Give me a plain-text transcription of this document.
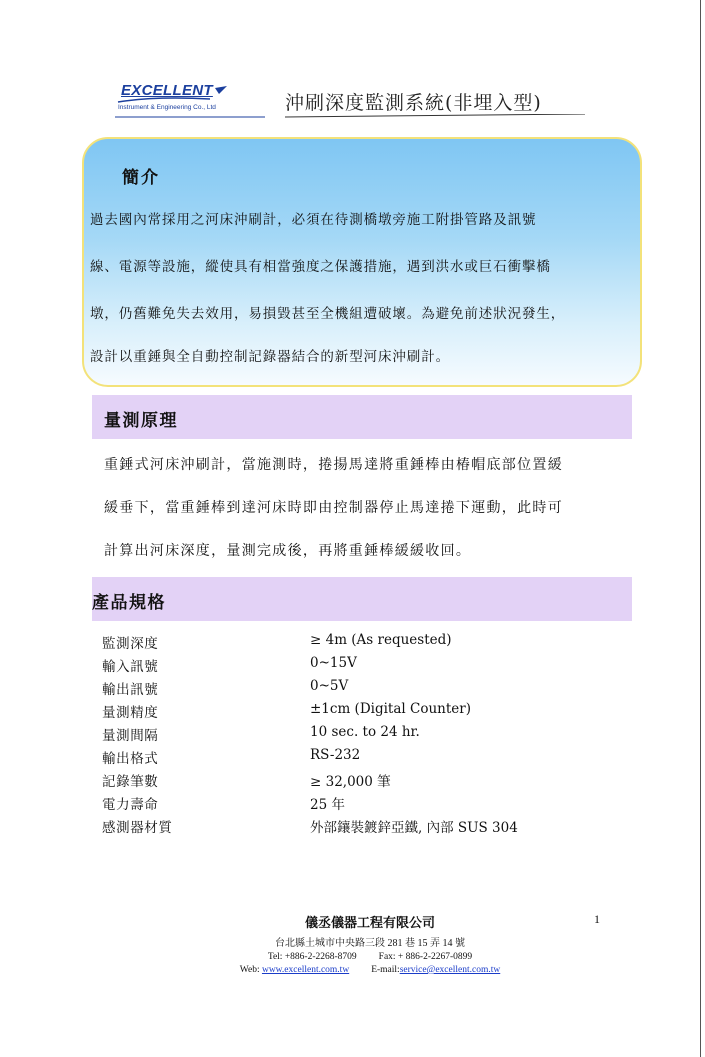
EXCELLENT
Instrument & Engineering Co., Ltd	沖刷深度監測系統(非埋入型)
簡介
過去國內常採用之河床沖刷計，必須在待測橋墩旁施工附掛管路及訊號
線、電源等設施，縱使具有相當強度之保護措施，遇到洪水或巨石衝擊橋
墩，仍舊難免失去效用，易損毀甚至全機組遭破壞。為避免前述狀況發生，
設計以重錘與全自動控制記錄器結合的新型河床沖刷計。
量測原理
重錘式河床沖刷計，當施測時，捲揚馬達將重錘棒由椿帽底部位置緩
緩垂下，當重錘棒到達河床時即由控制器停止馬達捲下運動，此時可
計算出河床深度，量測完成後，再將重錘棒緩緩收回。
產品規格
監測深度	≥ 4m (As requested)
輸入訊號	0~15V
輸出訊號	0~5V
量測精度	±1cm (Digital Counter)
量測間隔	10 sec. to 24 hr.
輸出格式	RS-232
記錄筆數	≥ 32,000 筆
電力壽命	25 年
感測器材質	外部鑲裝鍍鋅亞鐵, 內部 SUS 304
儀丞儀器工程有限公司
台北縣土城市中央路三段 281 巷 15 弄 14 號
Tel: +886-2-2268-8709 Fax: + 886-2-2267-0899
Web: www.excellent.com.tw E-mail:service@excellent.com.tw
1
